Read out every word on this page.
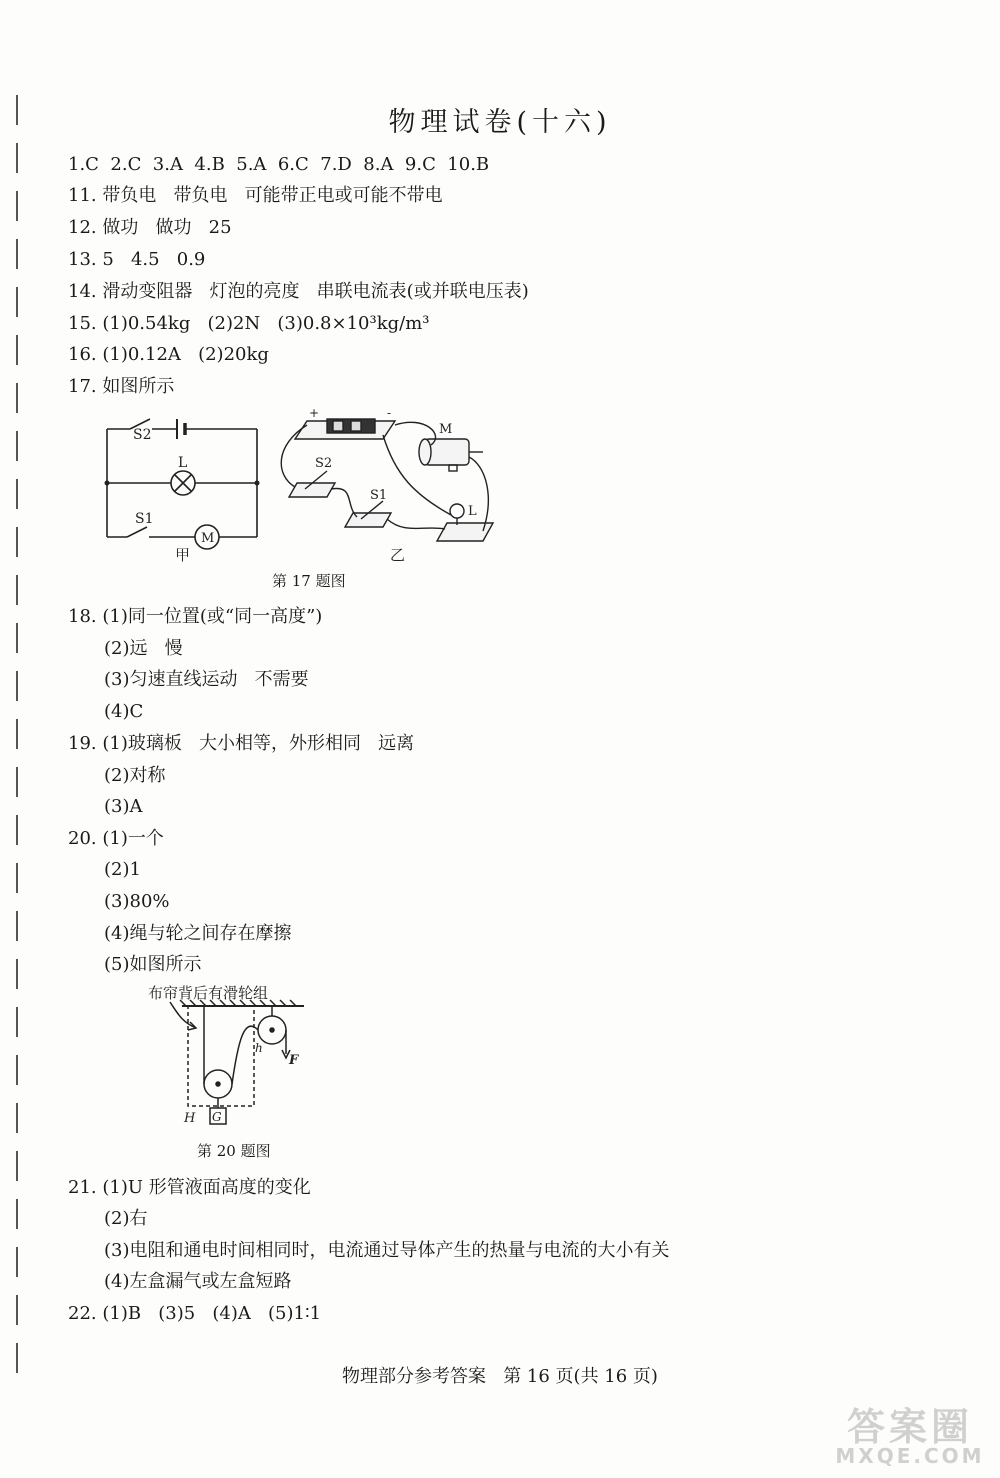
物理试卷(十六)
1.C  2.C  3.A  4.B  5.A  6.C  7.D  8.A  9.C  10.B
11. 带负电   带负电   可能带正电或可能不带电
12. 做功   做功   25
13. 5   4.5   0.9
14. 滑动变阻器   灯泡的亮度   串联电流表(或并联电压表)
15. (1)0.54kg   (2)2N   (3)0.8×10³kg/m³
16. (1)0.12A   (2)20kg
17. 如图所示
S2
L
S1
M
甲
+	-
M
S2
S1
L
乙
第 17 题图
18. (1)同一位置(或“同一高度”)
(2)远   慢
(3)匀速直线运动   不需要
(4)C
19. (1)玻璃板   大小相等，外形相同   远离
(2)对称
(3)A
20. (1)一个
(2)1
(3)80%
(4)绳与轮之间存在摩擦
(5)如图所示
布帘背后有滑轮组
G
H
h
F
第 20 题图
21. (1)U 形管液面高度的变化
(2)右
(3)电阻和通电时间相同时，电流通过导体产生的热量与电流的大小有关
(4)左盒漏气或左盒短路
22. (1)B   (3)5   (4)A   (5)1∶1
物理部分参考答案   第 16 页(共 16 页)
答案圈
MXQE.COM
